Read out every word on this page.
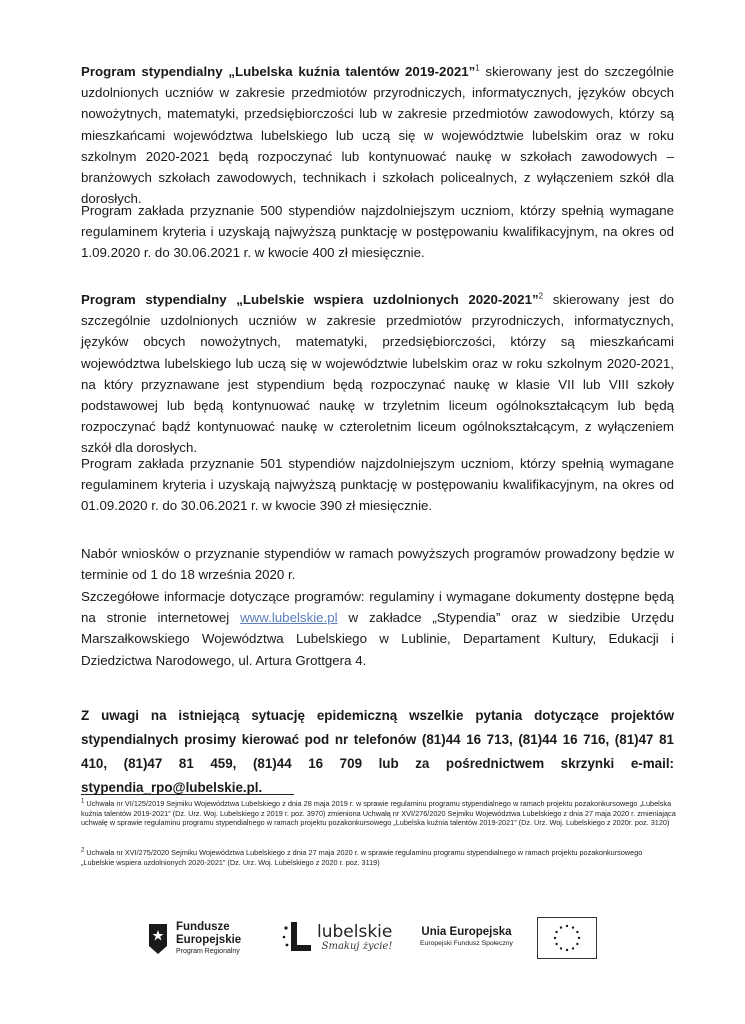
Program stypendialny „Lubelska kuźnia talentów 2019-2021”$^1$ skierowany jest do szczególnie uzdolnionych uczniów w zakresie przedmiotów przyrodniczych, informatycznych, języków obcych nowożytnych, matematyki, przedsiębiorczości lub w zakresie przedmiotów zawodowych, którzy są mieszkańcami województwa lubelskiego lub uczą się w województwie lubelskim oraz w roku szkolnym 2020-2021 będą rozpoczynać lub kontynuować naukę w szkołach zawodowych – branżowych szkołach zawodowych, technikach i szkołach policealnych, z wyłączeniem szkół dla dorosłych.

Program zakłada przyznanie 500 stypendiów najzdolniejszym uczniom, którzy spełnią wymagane regulaminem kryteria i uzyskają najwyższą punktację w postępowaniu kwalifikacyjnym, na okres od 1.09.2020 r. do 30.06.2021 r. w kwocie 400 zł miesięcznie.

Program stypendialny „Lubelskie wspiera uzdolnionych 2020-2021”$^2$ skierowany jest do szczególnie uzdolnionych uczniów w zakresie przedmiotów przyrodniczych, informatycznych, języków obcych nowożytnych, matematyki, przedsiębiorczości, którzy są mieszkańcami województwa lubelskiego lub uczą się w województwie lubelskim oraz w roku szkolnym 2020-2021, na który przyznawane jest stypendium będą rozpoczynać naukę w klasie VII lub VIII szkoły podstawowej lub będą kontynuować naukę w trzyletnim liceum ogólnokształcącym lub będą rozpoczynać bądź kontynuować naukę w czteroletnim liceum ogólnokształcącym, z wyłączeniem szkół dla dorosłych.

Program zakłada przyznanie 501 stypendiów najzdolniejszym uczniom, którzy spełnią wymagane regulaminem kryteria i uzyskają najwyższą punktację w postępowaniu kwalifikacyjnym, na okres od 01.09.2020 r. do 30.06.2021 r. w kwocie 390 zł miesięcznie.

Nabór wniosków o przyznanie stypendiów w ramach powyższych programów prowadzony będzie w terminie od 1 do 18 września 2020 r.

Szczegółowe informacje dotyczące programów: regulaminy i wymagane dokumenty dostępne będą na stronie internetowej www.lubelskie.pl w zakładce „Stypendia” oraz w siedzibie Urzędu Marszałkowskiego Województwa Lubelskiego w Lublinie, Departament Kultury, Edukacji i Dziedzictwa Narodowego, ul. Artura Grottgera 4.

Z uwagi na istniejącą sytuację epidemiczną wszelkie pytania dotyczące projektów stypendialnych prosimy kierować pod nr telefonów (81)44 16 713, (81)44 16 716, (81)47 81 410, (81)47 81 459, (81)44 16 709 lub za pośrednictwem skrzynki e-mail: stypendia_rpo@lubelskie.pl.

$^1$ Uchwała nr VI/125/2019 Sejmiku Województwa Lubelskiego z dnia 28 maja 2019 r. w sprawie regulaminu programu stypendialnego w ramach projektu pozakonkursowego „Lubelska kuźnia talentów 2019-2021” (Dz. Urz. Woj. Lubelskiego z 2019 r. poz. 3970) zmieniona Uchwałą nr XVI/276/2020 Sejmiku Województwa Lubelskiego z dnia 27 maja 2020 r. zmieniająca uchwałę w sprawie regulaminu programu stypendialnego w ramach projektu pozakonkursowego „Lubelska kuźnia talentów 2019-2021” (Dz. Urz. Woj. Lubelskiego z 2020r. poz. 3120)

$^2$ Uchwała nr XVI/275/2020 Sejmiku Województwa Lubelskiego z dnia 27 maja 2020 r. w sprawie regulaminu programu stypendialnego w ramach projektu pozakonkursowego „Lubelskie wspiera uzdolnionych 2020-2021” (Dz. Urz. Woj. Lubelskiego z 2020 r. poz. 3119)

Fundusze
Europejskie
Program Regionalny
lubelskie
Smakuj życie!
Unia Europejska
Europejski Fundusz Społeczny
